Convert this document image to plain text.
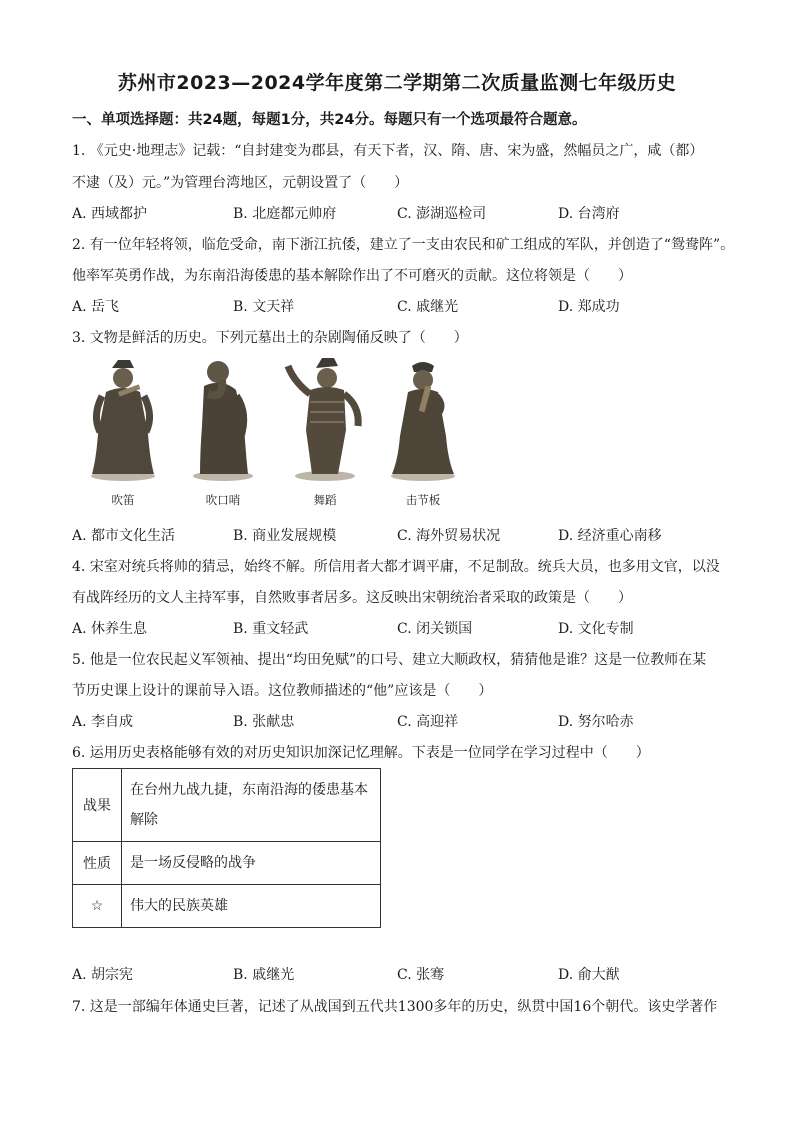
苏州市2023—2024学年度第二学期第二次质量监测七年级历史
一、单项选择题：共24题，每题1分，共24分。每题只有一个选项最符合题意。
1. 《元史·地理志》记载：“自封建变为郡县，有天下者，汉、隋、唐、宋为盛，然幅员之广，咸（都）
不逮（及）元。”为管理台湾地区，元朝设置了（　　）
A. 西域都护	B. 北庭都元帅府	C. 澎湖巡检司	D. 台湾府
2. 有一位年轻将领，临危受命，南下浙江抗倭，建立了一支由农民和矿工组成的军队，并创造了“鸳鸯阵”。
他率军英勇作战，为东南沿海倭患的基本解除作出了不可磨灭的贡献。这位将领是（　　）
A. 岳飞	B. 文天祥	C. 戚继光	D. 郑成功
3. 文物是鲜活的历史。下列元墓出土的杂剧陶俑反映了（　　）
吹笛	吹口哨	舞蹈	击节板
A. 都市文化生活	B. 商业发展规模	C. 海外贸易状况	D. 经济重心南移
4. 宋室对统兵将帅的猜忌，始终不解。所信用者大都才调平庸，不足制敌。统兵大员，也多用文官，以没
有战阵经历的文人主持军事，自然败事者居多。这反映出宋朝统治者采取的政策是（　　）
A. 休养生息	B. 重文轻武	C. 闭关锁国	D. 文化专制
5. 他是一位农民起义军领袖、提出“均田免赋”的口号、建立大顺政权，猜猜他是谁？这是一位教师在某
节历史课上设计的课前导入语。这位教师描述的“他”应该是（　　）
A. 李自成	B. 张献忠	C. 高迎祥	D. 努尔哈赤
6. 运用历史表格能够有效的对历史知识加深记忆理解。下表是一位同学在学习过程中（　　）
战果	在台州九战九捷，东南沿海的倭患基本解除
性质	是一场反侵略的战争
☆	伟大的民族英雄
A. 胡宗宪	B. 戚继光	C. 张骞	D. 俞大猷
7. 这是一部编年体通史巨著，记述了从战国到五代共1300多年的历史，纵贯中国16个朝代。该史学著作
